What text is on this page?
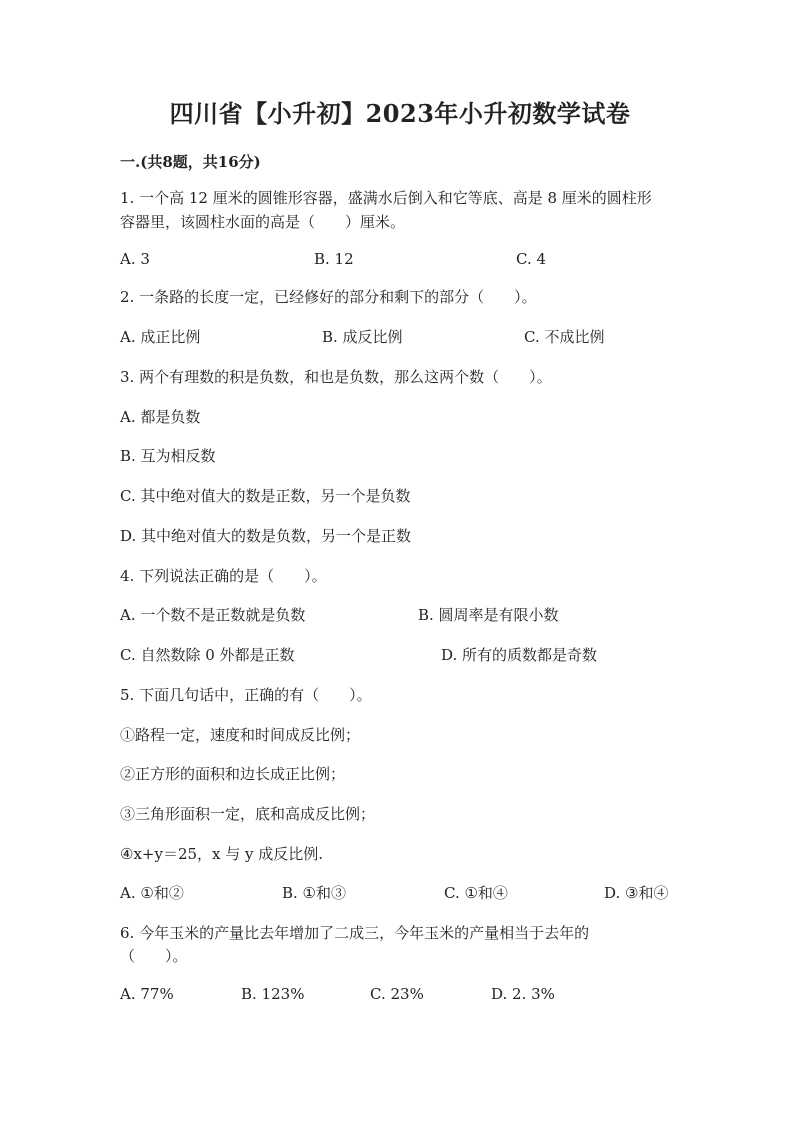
四川省【小升初】2023年小升初数学试卷
一.(共8题，共16分)
1. 一个高 12 厘米的圆锥形容器，盛满水后倒入和它等底、高是 8 厘米的圆柱形
容器里，该圆柱水面的高是（　　）厘米。
A. 3	B. 12	C. 4
2. 一条路的长度一定，已经修好的部分和剩下的部分（　　）。
A. 成正比例	B. 成反比例	C. 不成比例
3. 两个有理数的积是负数，和也是负数，那么这两个数（　　）。
A. 都是负数
B. 互为相反数
C. 其中绝对值大的数是正数，另一个是负数
D. 其中绝对值大的数是负数，另一个是正数
4. 下列说法正确的是（　　）。
A. 一个数不是正数就是负数	B. 圆周率是有限小数
C. 自然数除 0 外都是正数	D. 所有的质数都是奇数
5. 下面几句话中，正确的有（　　）。
①路程一定，速度和时间成反比例；
②正方形的面积和边长成正比例；
③三角形面积一定，底和高成反比例；
④x+y＝25，x 与 y 成反比例.
A. ①和②	B. ①和③	C. ①和④	D. ③和④
6. 今年玉米的产量比去年增加了二成三，今年玉米的产量相当于去年的
（　　）。
A. 77%	B. 123%	C. 23%	D. 2. 3%
